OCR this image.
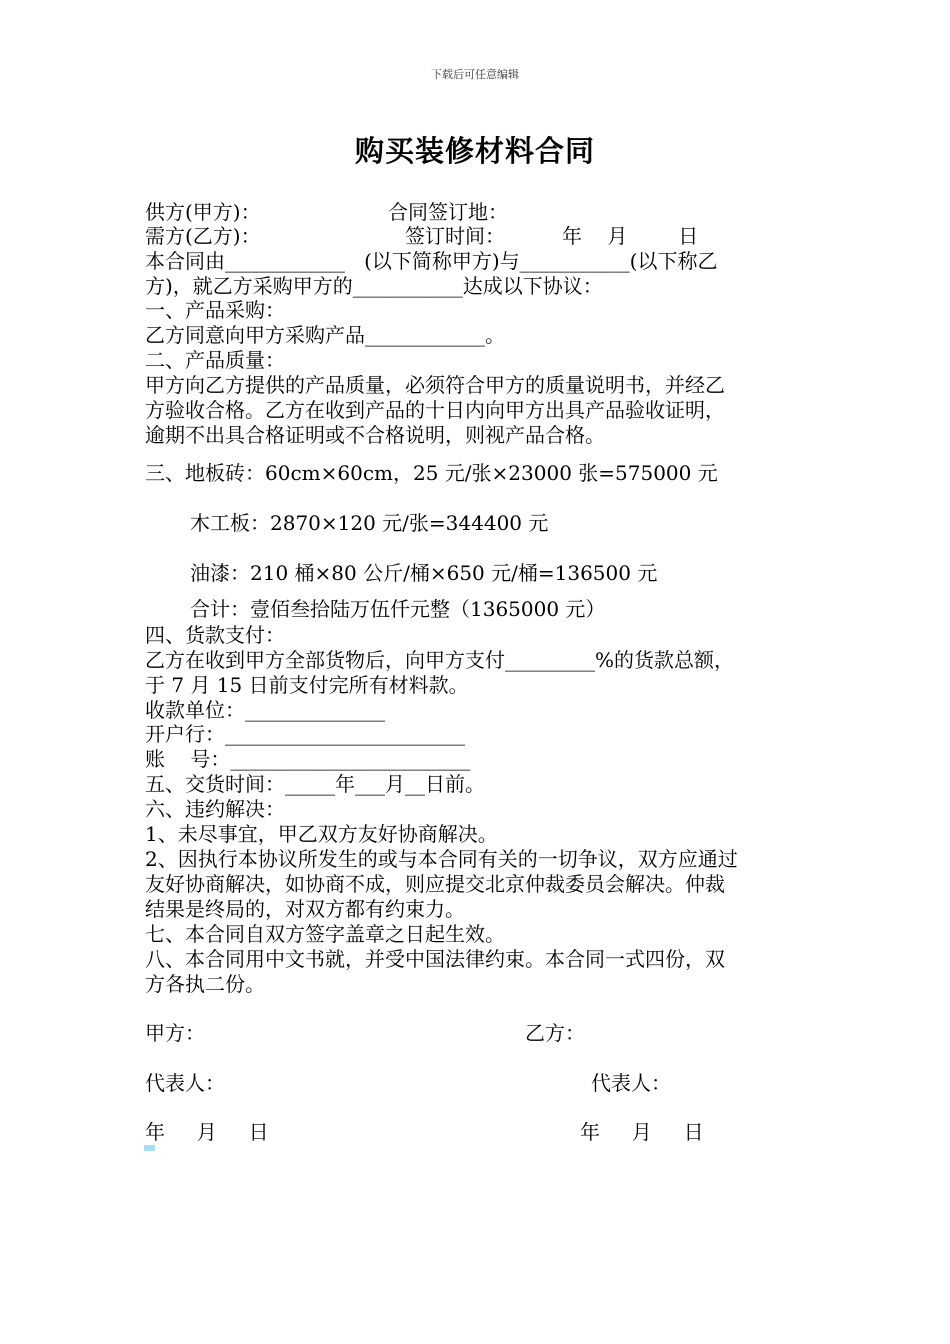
下载后可任意编辑
购买装修材料合同
供方(甲方)：	合同签订地：
需方(乙方)：	签订时间：	年    月        日
本合同由____________   (以下简称甲方)与___________(以下称乙
方)，就乙方采购甲方的___________达成以下协议：
一、产品采购：
乙方同意向甲方采购产品____________。
二、产品质量：
甲方向乙方提供的产品质量，必须符合甲方的质量说明书，并经乙
方验收合格。乙方在收到产品的十日内向甲方出具产品验收证明，
逾期不出具合格证明或不合格说明，则视产品合格。
三、地板砖：60cm×60cm，25 元/张×23000 张=575000 元
木工板：2870×120 元/张=344400 元
油漆：210 桶×80 公斤/桶×650 元/桶=136500 元
合计：壹佰叁拾陆万伍仟元整（1365000 元）
四、货款支付：
乙方在收到甲方全部货物后，向甲方支付_________%的货款总额，
于 7 月 15 日前支付完所有材料款。
收款单位：______________
开户行：________________________
账    号：________________________
五、交货时间：_____年___月__日前。
六、违约解决：
1、未尽事宜，甲乙双方友好协商解决。
2、因执行本协议所发生的或与本合同有关的一切争议，双方应通过
友好协商解决，如协商不成，则应提交北京仲裁委员会解决。仲裁
结果是终局的，对双方都有约束力。
七、本合同自双方签字盖章之日起生效。
八、本合同用中文书就，并受中国法律约束。本合同一式四份，双
方各执二份。
甲方：	乙方：
代表人：	代表人：
年     月     日	年     月     日
